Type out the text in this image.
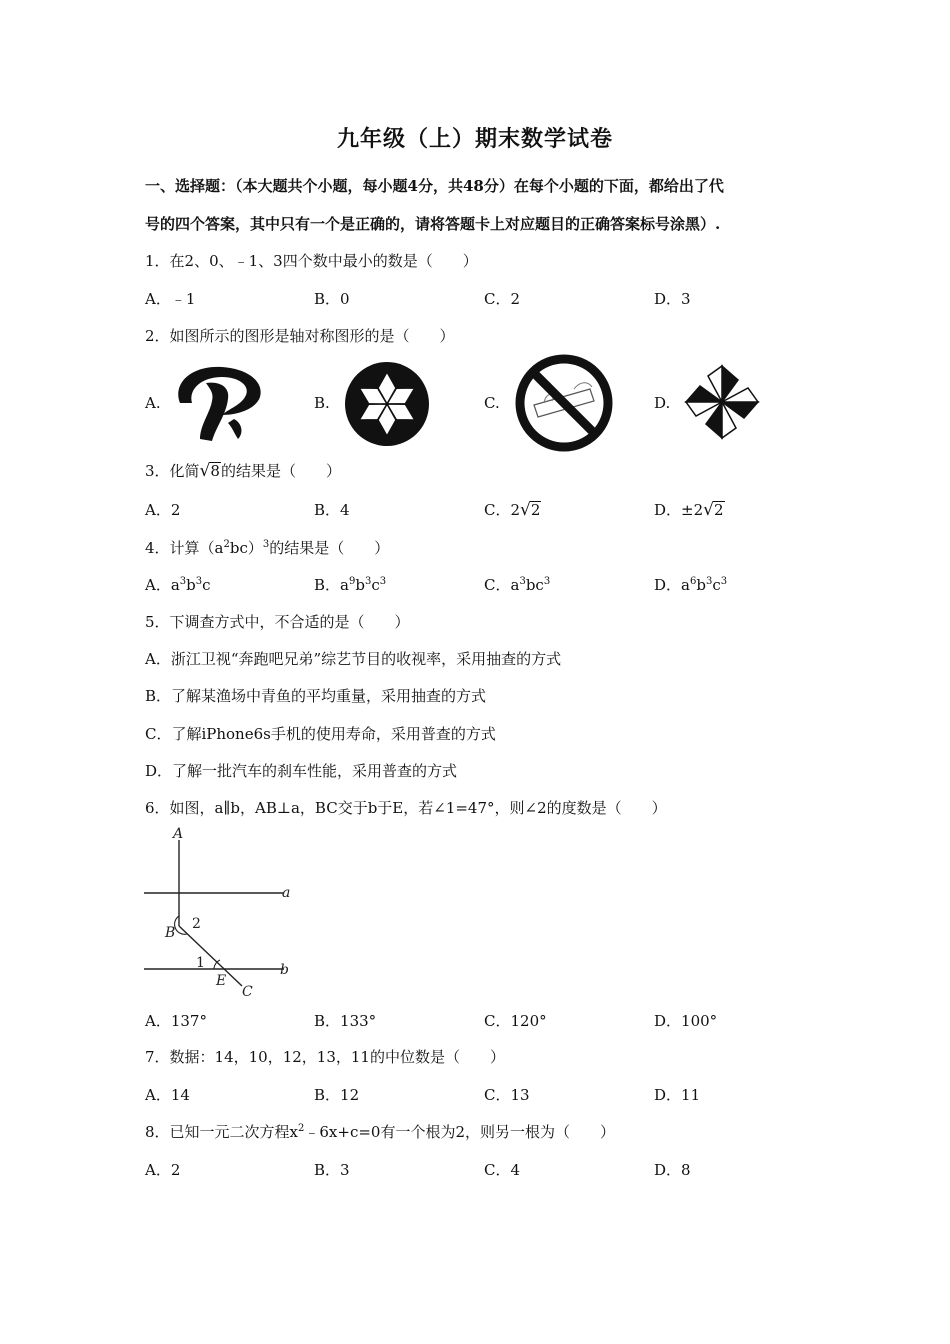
九年级（上）期末数学试卷
一、选择题：（本大题共个小题，每小题4分，共48分）在每个小题的下面，都给出了代
号的四个答案，其中只有一个是正确的，请将答题卡上对应题目的正确答案标号涂黑）.
1．在2、0、﹣1、3四个数中最小的数是（　　）
A．﹣1	B．0	C．2	D．3
2．如图所示的图形是轴对称图形的是（　　）
A.	B.	C.	D.
3．化简√8的结果是（　　）
A．2	B．4	C．2√2	D．±2√2
4．计算$(a^2bc)^3$的结果是（　　）
A．$a^3b^3c$	B．$a^9b^3c^3$	C．$a^3bc^3$	D．$a^6b^3c^3$
5．下调查方式中，不合适的是（　　）
A．浙江卫视“奔跑吧兄弟”综艺节目的收视率，采用抽查的方式
B．了解某渔场中青鱼的平均重量，采用抽查的方式
C．了解iPhone6s手机的使用寿命，采用普查的方式
D．了解一批汽车的刹车性能，采用普查的方式
6．如图，a∥b，AB⊥a，BC交于b于E，若∠1=47°，则∠2的度数是（　　）
A
B
C
E
a
b
2
1
A．137°	B．133°	C．120°	D．100°
7．数据：14，10，12，13，11的中位数是（　　）
A．14	B．12	C．13	D．11
8．已知一元二次方程$x^2﹣6x+c=0$有一个根为2，则另一根为（　　）
A．2	B．3	C．4	D．8
